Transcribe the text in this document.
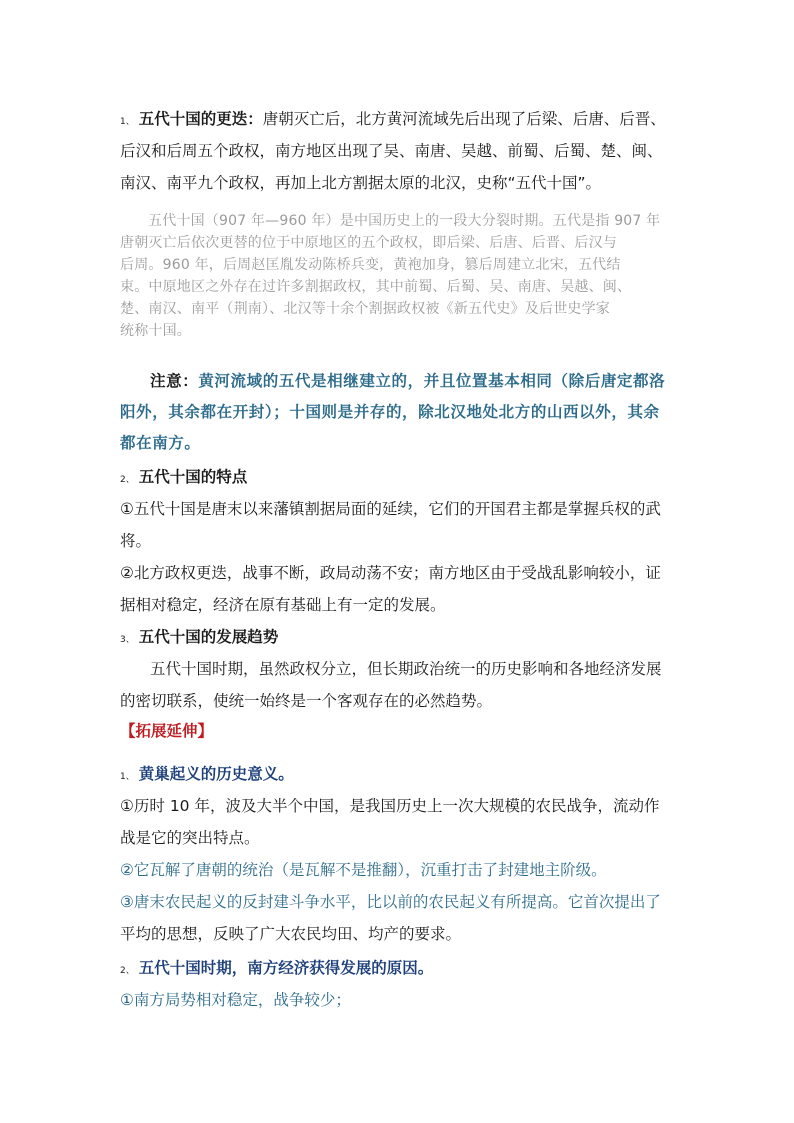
1、 五代十国的更迭：唐朝灭亡后，北方黄河流域先后出现了后梁、后唐、后晋、
后汉和后周五个政权，南方地区出现了吴、南唐、吴越、前蜀、后蜀、楚、闽、
南汉、南平九个政权，再加上北方割据太原的北汉，史称“五代十国”。
五代十国（907 年—960 年）是中国历史上的一段大分裂时期。五代是指 907 年
唐朝灭亡后依次更替的位于中原地区的五个政权，即后梁、后唐、后晋、后汉与
后周。960 年，后周赵匡胤发动陈桥兵变，黄袍加身，篡后周建立北宋，五代结
束。中原地区之外存在过许多割据政权，其中前蜀、后蜀、吴、南唐、吴越、闽、
楚、南汉、南平（荆南）、北汉等十余个割据政权被《新五代史》及后世史学家
统称十国。
注意：黄河流域的五代是相继建立的，并且位置基本相同（除后唐定都洛
阳外，其余都在开封）；十国则是并存的，除北汉地处北方的山西以外，其余
都在南方。
2、 五代十国的特点
①五代十国是唐末以来藩镇割据局面的延续，它们的开国君主都是掌握兵权的武
将。
②北方政权更迭，战事不断，政局动荡不安；南方地区由于受战乱影响较小，证
据相对稳定，经济在原有基础上有一定的发展。
3、 五代十国的发展趋势
五代十国时期，虽然政权分立，但长期政治统一的历史影响和各地经济发展
的密切联系，使统一始终是一个客观存在的必然趋势。
【拓展延伸】
1、 黄巢起义的历史意义。
①历时 10 年，波及大半个中国，是我国历史上一次大规模的农民战争，流动作
战是它的突出特点。
②它瓦解了唐朝的统治（是瓦解不是推翻），沉重打击了封建地主阶级。
③唐末农民起义的反封建斗争水平，比以前的农民起义有所提高。它首次提出了
平均的思想，反映了广大农民均田、均产的要求。
2、 五代十国时期，南方经济获得发展的原因。
①南方局势相对稳定，战争较少；
